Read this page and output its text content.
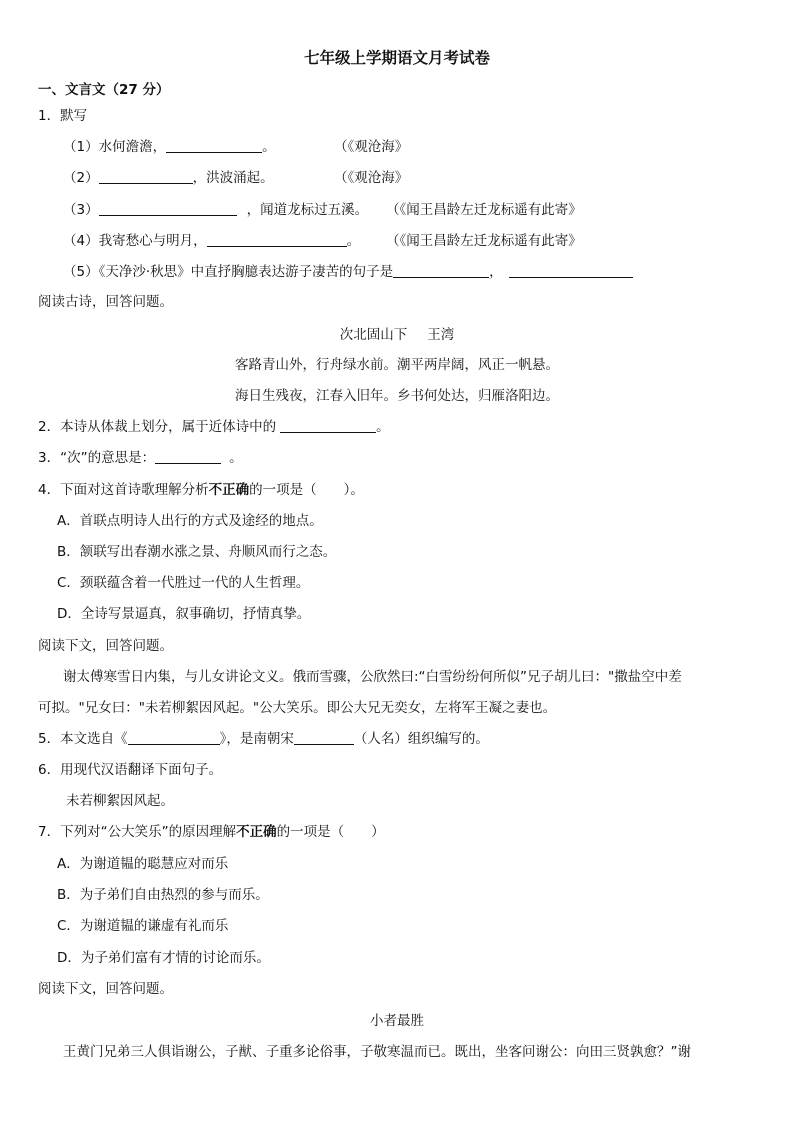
七年级上学期语文月考试卷
一、文言文（27 分）
1．默写
（1）水何澹澹，	。	（《观沧海》
（2）	，洪波涌起。	（《观沧海》
（3）	，闻道龙标过五溪。 （《闻王昌龄左迁龙标遥有此寄》
（4）我寄愁心与明月，	。 （《闻王昌龄左迁龙标遥有此寄》
（5）《天净沙·秋思》中直抒胸臆表达游子凄苦的句子是	，
阅读古诗，回答问题。
次北固山下 王湾
客路青山外，行舟绿水前。潮平两岸阔，风正一帆悬。
海日生残夜，江春入旧年。乡书何处达，归雁洛阳边。
2．本诗从体裁上划分，属于近体诗中的	。
3．“次”的意思是：	。
4．下面对这首诗歌理解分析不正确的一项是（　　）。
A．首联点明诗人出行的方式及途经的地点。
B．颔联写出春潮水涨之景、舟顺风而行之态。
C．颈联蕴含着一代胜过一代的人生哲理。
D．全诗写景逼真，叙事确切，抒情真挚。
阅读下文，回答问题。
谢太傅寒雪日内集，与儿女讲论文义。俄而雪骤，公欣然曰:“白雪纷纷何所似”兄子胡儿曰："撒盐空中差
可拟。"兄女曰："未若柳絮因风起。"公大笑乐。即公大兄无奕女，左将军王凝之妻也。
5．本文选自《	》，是南朝宋	（人名）组织编写的。
6．用现代汉语翻译下面句子。
未若柳絮因风起。
7．下列对“公大笑乐”的原因理解不正确的一项是（　　）
A．为谢道韫的聪慧应对而乐
B．为子弟们自由热烈的参与而乐。
C．为谢道韫的谦虚有礼而乐
D．为子弟们富有才情的讨论而乐。
阅读下文，回答问题。
小者最胜
王黄门兄弟三人俱诣谢公，子猷、子重多论俗事，子敬寒温而已。既出，坐客问谢公：向田三贤孰愈？”谢
